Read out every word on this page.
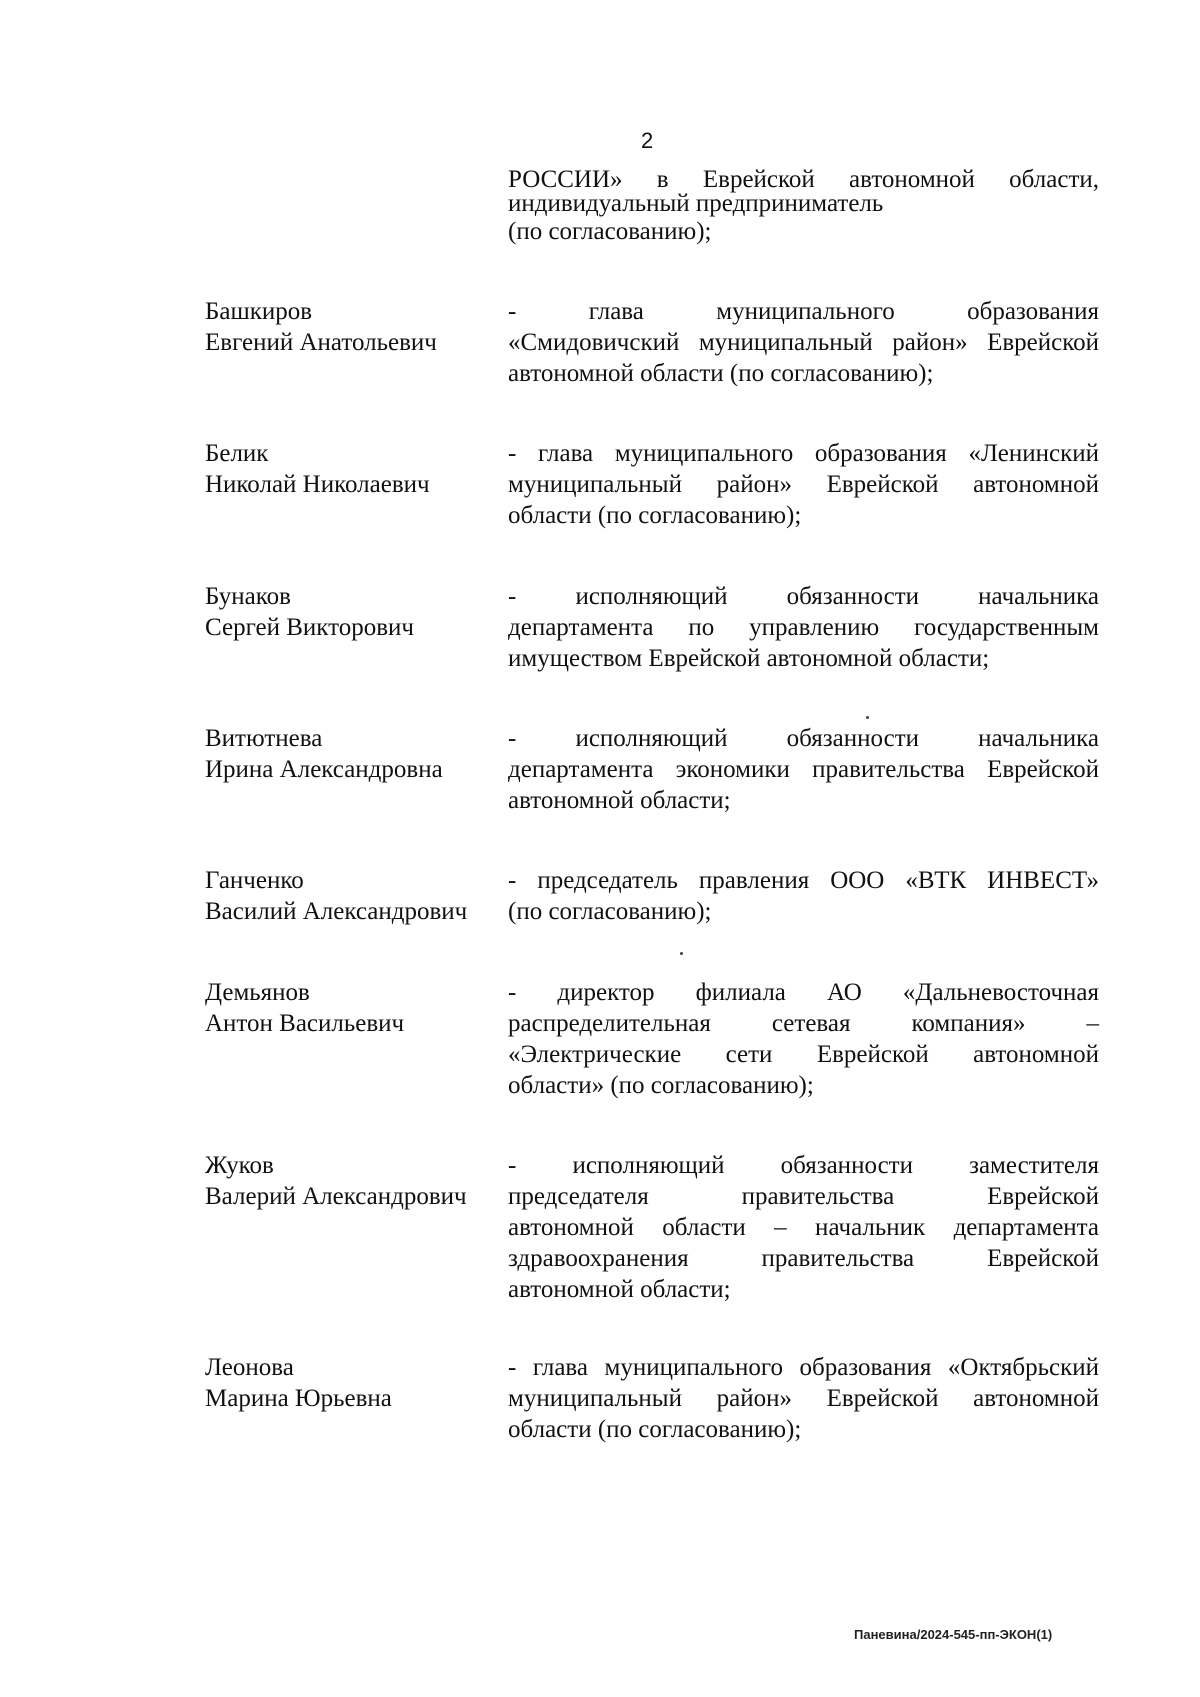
2
РОССИИ» в Еврейской автономной области,
индивидуальный предприниматель
(по согласованию);
Башкиров
Евгений Анатольевич
- глава муниципального образования
«Смидовичский муниципальный район» Еврейской
автономной области (по согласованию);
Белик
Николай Николаевич
- глава муниципального образования «Ленинский
муниципальный район» Еврейской автономной
области (по согласованию);
Бунаков
Сергей Викторович
- исполняющий обязанности начальника
департамента по управлению государственным
имуществом Еврейской автономной области;
Витютнева
Ирина Александровна
- исполняющий обязанности начальника
департамента экономики правительства Еврейской
автономной области;
Ганченко
Василий Александрович
- председатель правления ООО «ВТК ИНВЕСТ»
(по согласованию);
Демьянов
Антон Васильевич
- директор филиала АО «Дальневосточная
распределительная сетевая компания» –
«Электрические сети Еврейской автономной
области» (по согласованию);
Жуков
Валерий Александрович
- исполняющий обязанности заместителя
председателя правительства Еврейской
автономной области – начальник департамента
здравоохранения правительства Еврейской
автономной области;
Леонова
Марина Юрьевна
- глава муниципального образования «Октябрьский
муниципальный район» Еврейской автономной
области (по согласованию);
Паневина/2024-545-пп-ЭКОН(1)
